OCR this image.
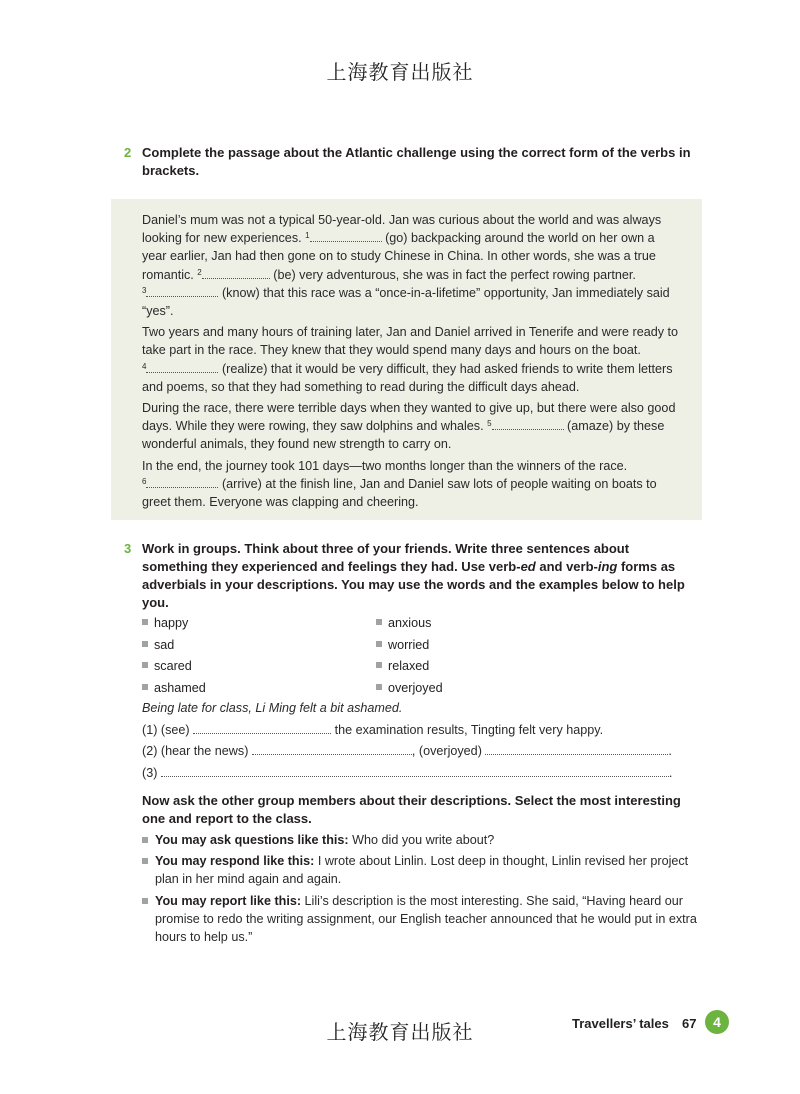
上海教育出版社
2 Complete the passage about the Atlantic challenge using the correct form of the verbs in brackets.

Daniel’s mum was not a typical 50-year-old. Jan was curious about the world and was always looking for new experiences. $^1$	(go) backpacking around the world on her own a year earlier, Jan had then gone on to study Chinese in China. In other words, she was a true romantic. $^2$	(be) very adventurous, she was in fact the perfect rowing partner.
$^3$	(know) that this race was a “once-in-a-lifetime” opportunity, Jan immediately said “yes”.

Two years and many hours of training later, Jan and Daniel arrived in Tenerife and were ready to take part in the race. They knew that they would spend many days and hours on the boat.
$^4$	(realize) that it would be very difficult, they had asked friends to write them letters and poems, so that they had something to read during the difficult days ahead.

During the race, there were terrible days when they wanted to give up, but there were also good days. While they were rowing, they saw dolphins and whales. $^5$	(amaze) by these wonderful animals, they found new strength to carry on.

In the end, the journey took 101 days—two months longer than the winners of the race.
$^6$	(arrive) at the finish line, Jan and Daniel saw lots of people waiting on boats to greet them. Everyone was clapping and cheering.

3 Work in groups. Think about three of your friends. Write three sentences about something they experienced and feelings they had. Use verb-ed and verb-ing forms as adverbials in your descriptions. You may use the words and the examples below to help you.
happy
sad
scared
ashamed
anxious
worried
relaxed
overjoyed
Being late for class, Li Ming felt a bit ashamed.
(1) (see)	the examination results, Tingting felt very happy.
(2) (hear the news)	, (overjoyed)	.
(3)	.
Now ask the other group members about their descriptions. Select the most interesting one and report to the class.
You may ask questions like this: Who did you write about?
You may respond like this: I wrote about Linlin. Lost deep in thought, Linlin revised her project plan in her mind again and again.
You may report like this: Lili’s description is the most interesting. She said, “Having heard our promise to redo the writing assignment, our English teacher announced that he would put in extra hours to help us.”
上海教育出版社	Travellers’ tales 67	4
